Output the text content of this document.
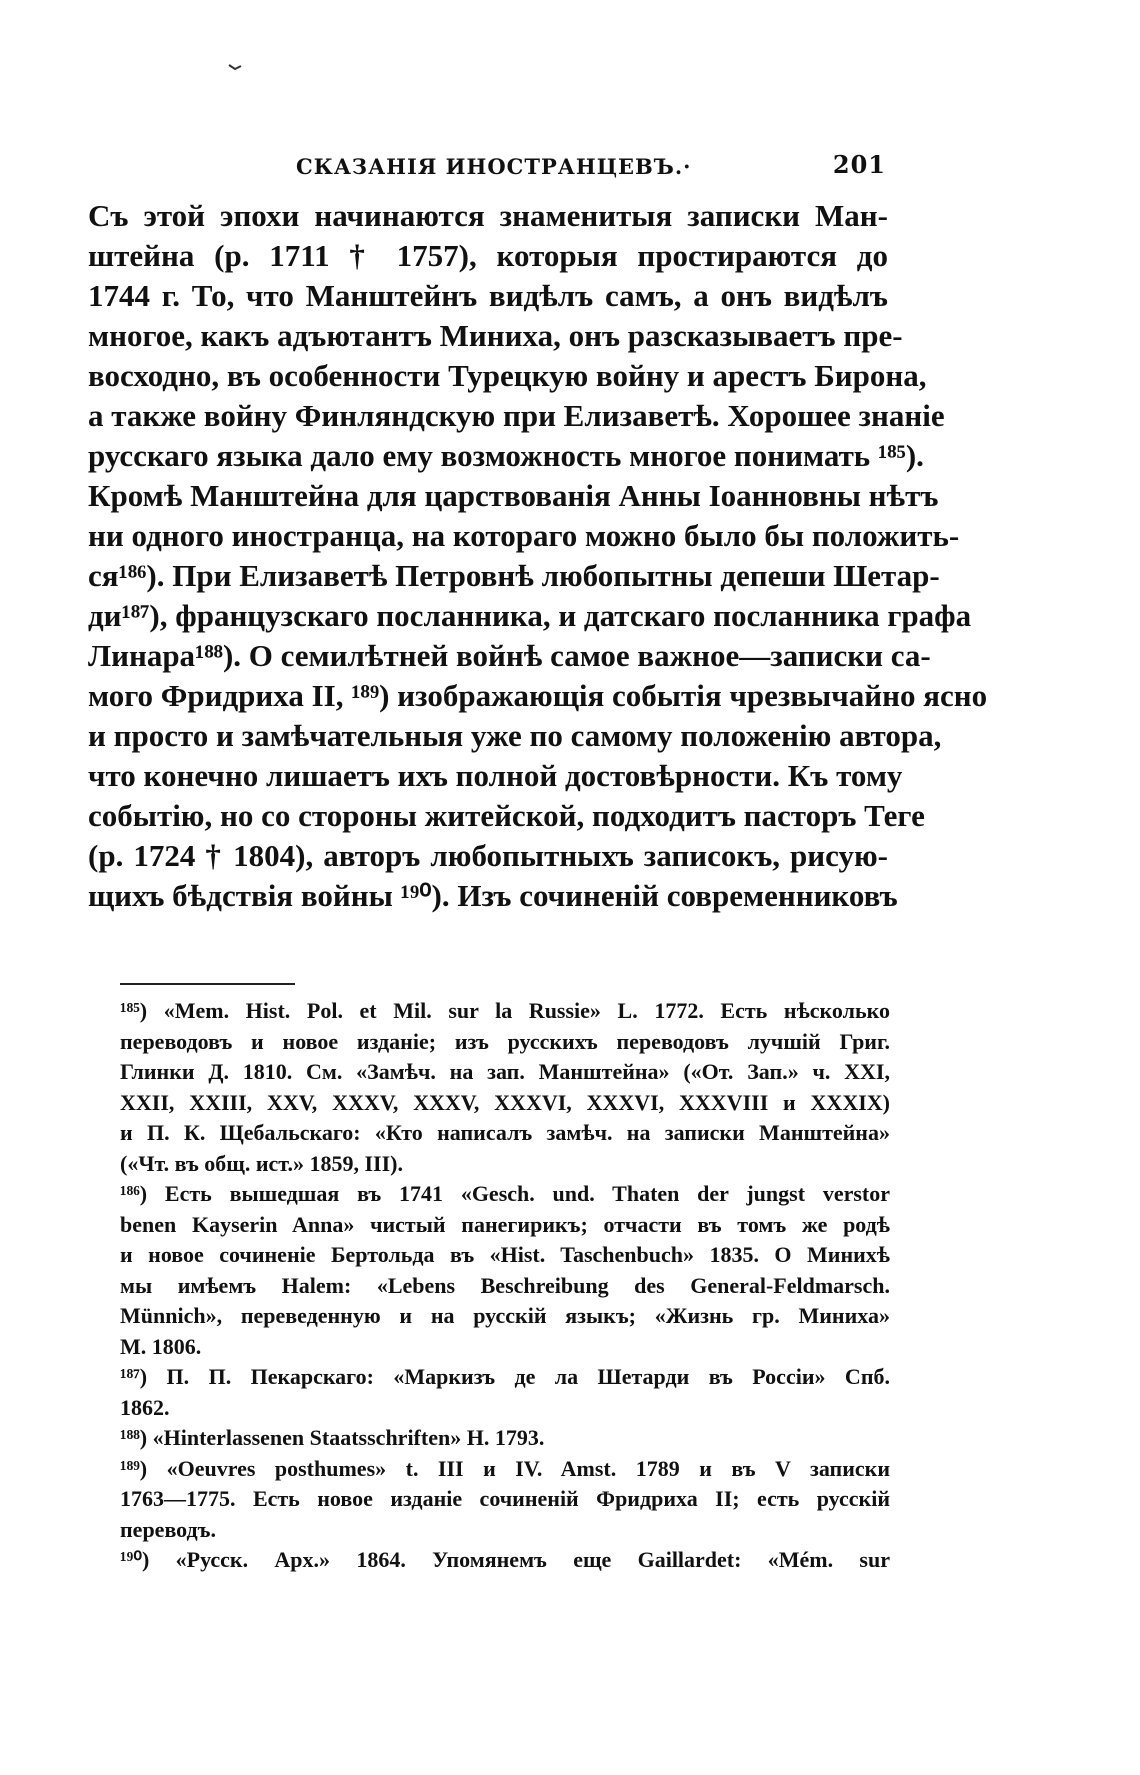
СКАЗАНІЯ ИНОСТРАНЦЕВЪ.·	201
Съ этой эпохи начинаются знаменитыя записки Ман-
штейна (р. 1711 † 1757), которыя простираются до
1744 г. То, что Манштейнъ видѣлъ самъ, а онъ видѣлъ
многое, какъ адъютантъ Миниха, онъ разсказываетъ пре-
восходно, въ особенности Турецкую войну и арестъ Бирона,
а также войну Финляндскую при Елизаветѣ. Хорошее знаніе
русскаго языка дало ему возможность многое понимать ¹⁸⁵).
Кромѣ Манштейна для царствованія Анны Іоанновны нѣтъ
ни одного иностранца, на котораго можно было бы положить-
ся¹⁸⁶). При Елизаветѣ Петровнѣ любопытны депеши Шетар-
ди¹⁸⁷), французскаго посланника, и датскаго посланника графа
Линара¹⁸⁸). О семилѣтней войнѣ самое важное—записки са-
мого Фридриха II, ¹⁸⁹) изображающія событія чрезвычайно ясно
и просто и замѣчательныя уже по самому положенію автора,
что конечно лишаетъ ихъ полной достовѣрности. Къ тому
событію, но со стороны житейской, подходитъ пасторъ Теге
(р. 1724 † 1804), авторъ любопытныхъ записокъ, рисую-
щихъ бѣдствія войны ¹⁹⁰). Изъ сочиненій современниковъ
¹⁸⁵) «Mem. Hist. Pol. et Mil. sur la Russie» L. 1772. Есть нѣсколько
переводовъ и новое изданіе; изъ русскихъ переводовъ лучшій Григ.
Глинки Д. 1810. См. «Замѣч. на зап. Манштейна» («От. Зап.» ч. XXI,
XXII, XXIII, XXV, XXXV, XXXV, XXXVI, XXXVI, XXXVIII и XXXIX)
и П. К. Щебальскаго: «Кто написалъ замѣч. на записки Манштейна»
(«Чт. въ общ. ист.» 1859, III).
¹⁸⁶) Есть вышедшая въ 1741 «Gesch. und. Thaten der jungst verstor
benen Kayserin Anna» чистый панегирикъ; отчасти въ томъ же родѣ
и новое сочиненіе Бертольда въ «Hist. Taschenbuch» 1835. О Минихѣ
мы имѣемъ Halem: «Lebens Beschreibung des General-Feldmarsch.
Münnich», переведенную и на русскій языкъ; «Жизнь гр. Миниха»
М. 1806.
¹⁸⁷) П. П. Пекарскаго: «Маркизъ де ла Шетарди въ Россіи» Спб.
1862.
¹⁸⁸) «Hinterlassenen Staatsschriften» H. 1793.
¹⁸⁹) «Oeuvres posthumes» t. III и IV. Amst. 1789 и въ V записки
1763—1775. Есть новое изданіе сочиненій Фридриха II; есть русскій
переводъ.
¹⁹⁰) «Русск. Арх.» 1864. Упомянемъ еще Gaillardet: «Mém. sur
